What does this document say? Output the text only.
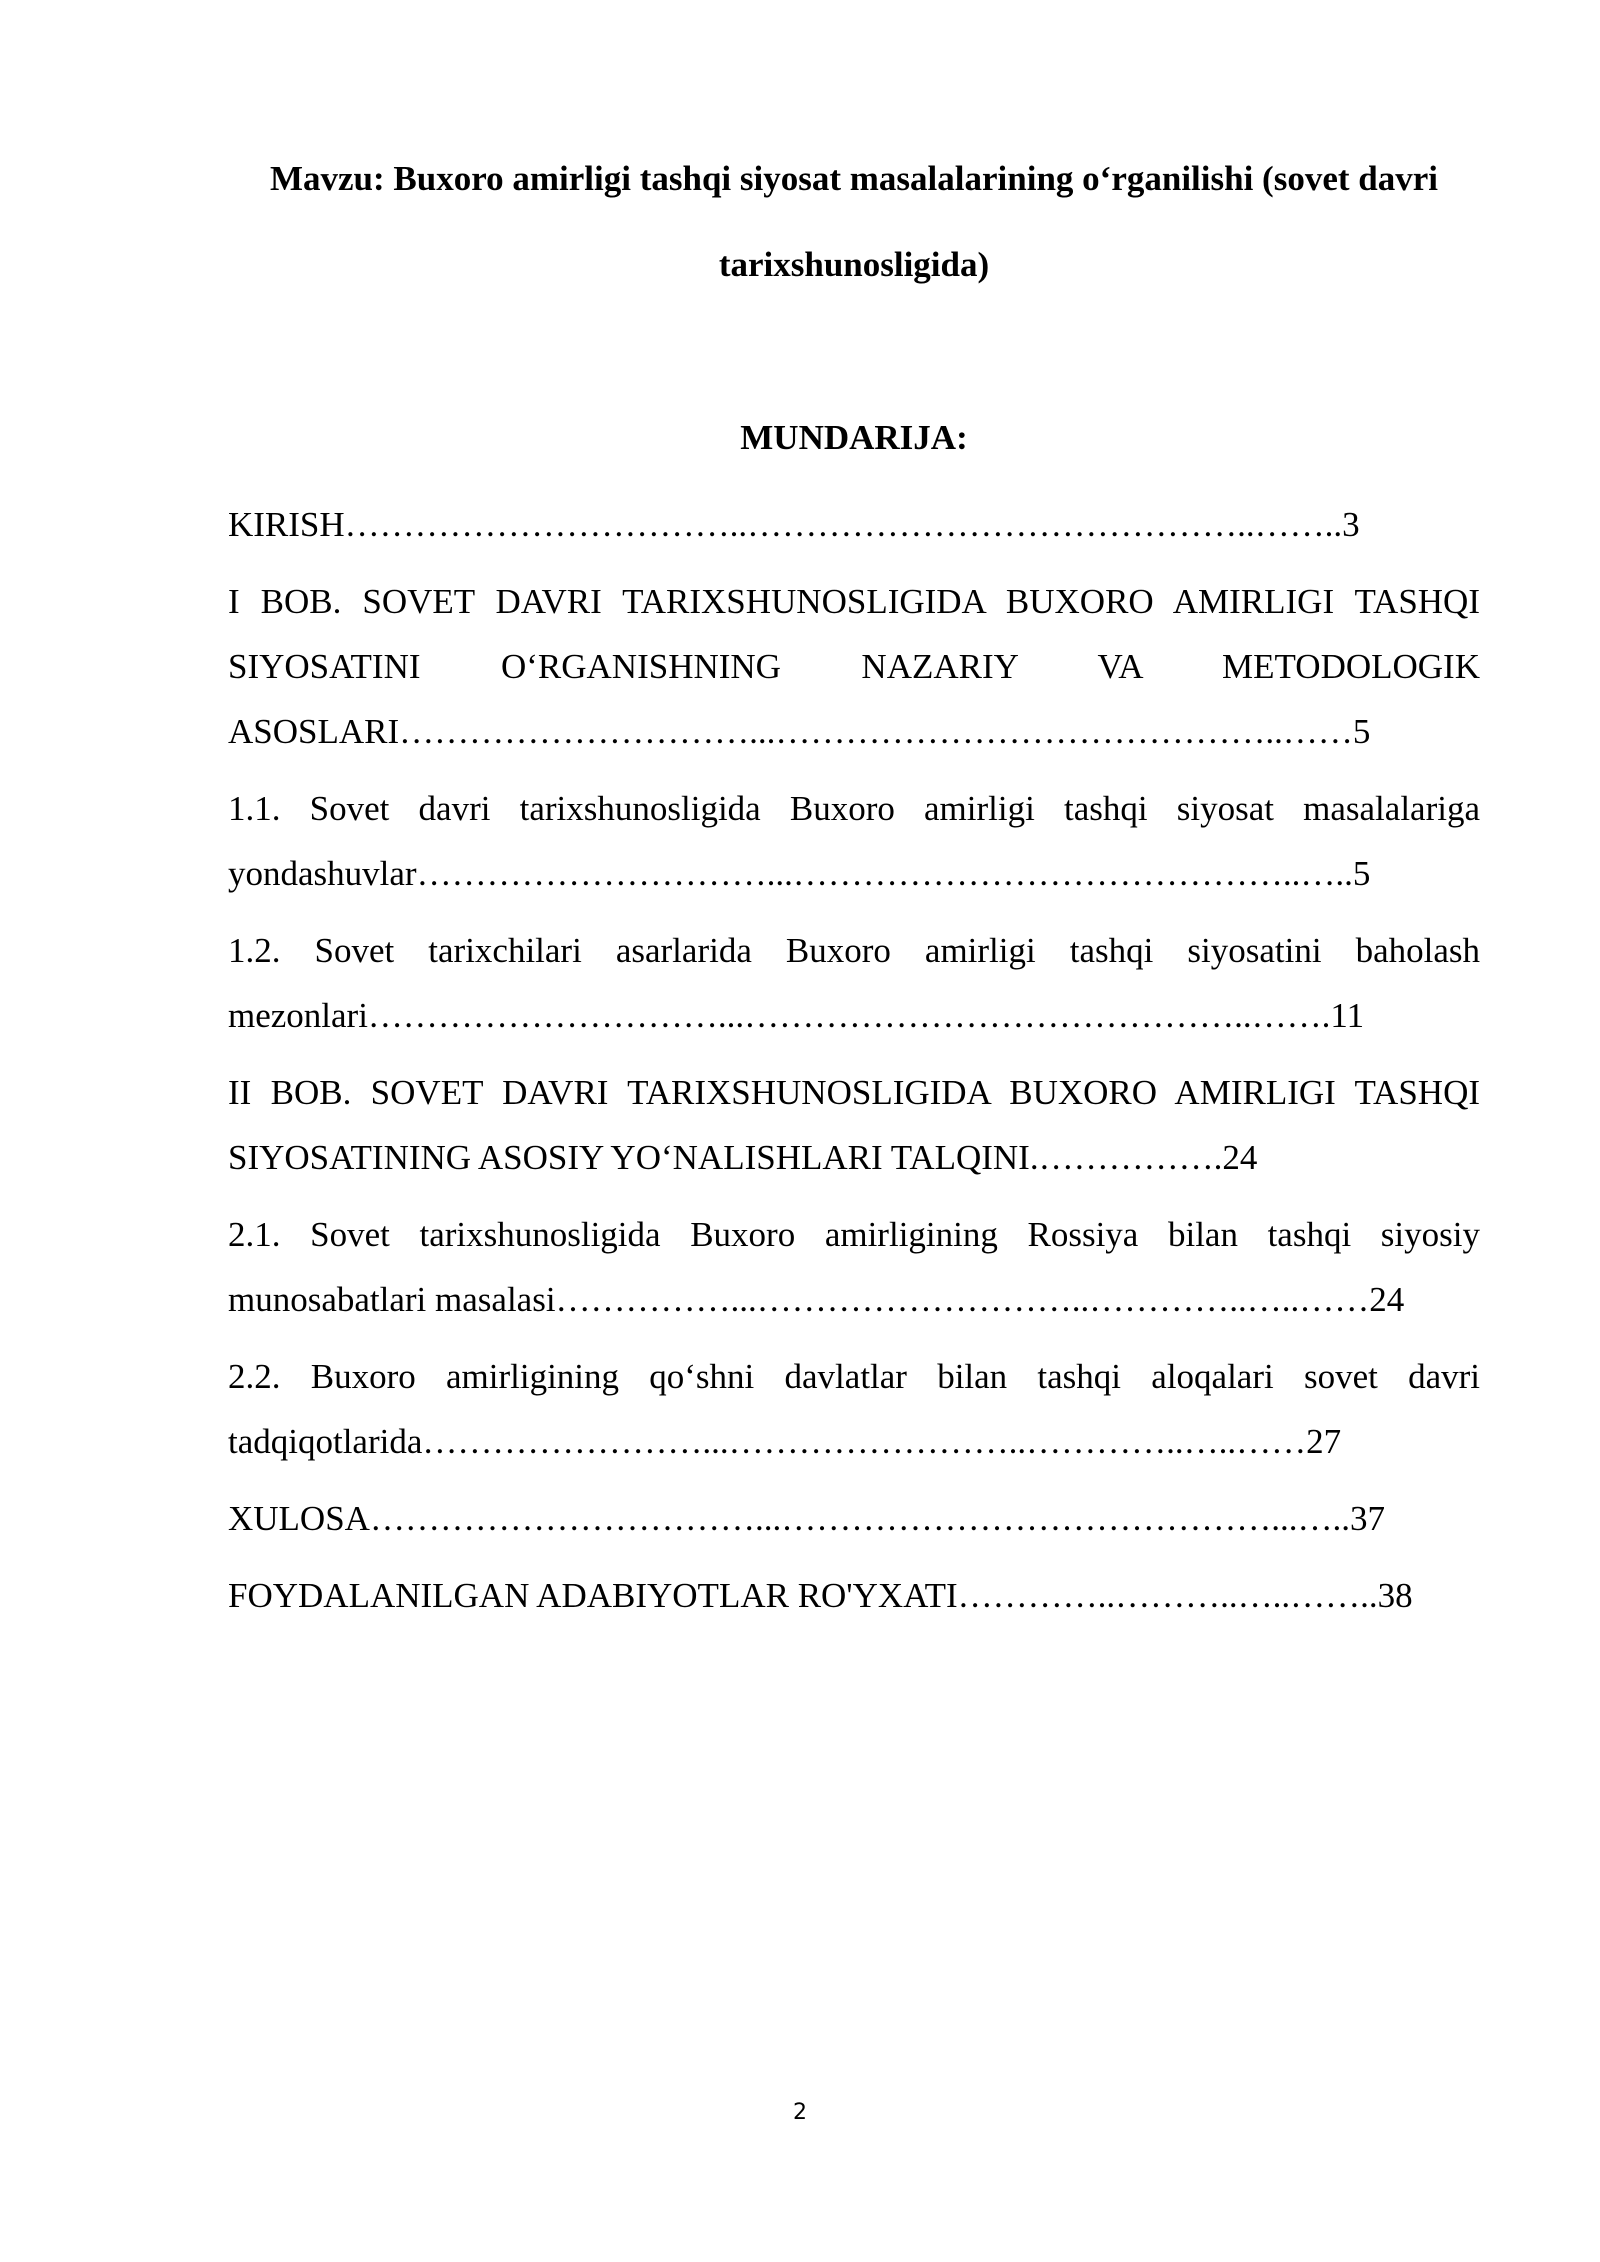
Mavzu: Buxoro amirligi tashqi siyosat masalalarining o‘rganilishi (sovet davri tarixshunosligida)
MUNDARIJA:

KIRISH……………………………..……………………………………..……..3

I BOB. SOVET DAVRI TARIXSHUNOSLIGIDA BUXORO AMIRLIGI TASHQI SIYOSATINI O‘RGANISHNING NAZARIY VA METODOLOGIK ASOSLARI…………………………...……………………………………..……5

1.1. Sovet davri tarixshunosligida Buxoro amirligi tashqi siyosat masalalariga yondashuvlar…………………………...……………………………………..…..5

1.2. Sovet tarixchilari asarlarida Buxoro amirligi tashqi siyosatini baholash mezonlari…………………………...……………………………………..…….11

II BOB. SOVET DAVRI TARIXSHUNOSLIGIDA BUXORO AMIRLIGI TASHQI SIYOSATINING ASOSIY YO‘NALISHLARI TALQINI.…………….24

2.1. Sovet tarixshunosligida Buxoro amirligining Rossiya bilan tashqi siyosiy munosabatlari masalasi……………...………………………..…………..…..……24

2.2. Buxoro amirligining qo‘shni davlatlar bilan tashqi aloqalari sovet davri tadqiqotlarida……………………...……………………..…………..…..……27

XULOSA……………………………...……………………………………...…..37

FOYDALANILGAN ADABIYOTLAR RO'YXATI…………..………..…..……..38

2
